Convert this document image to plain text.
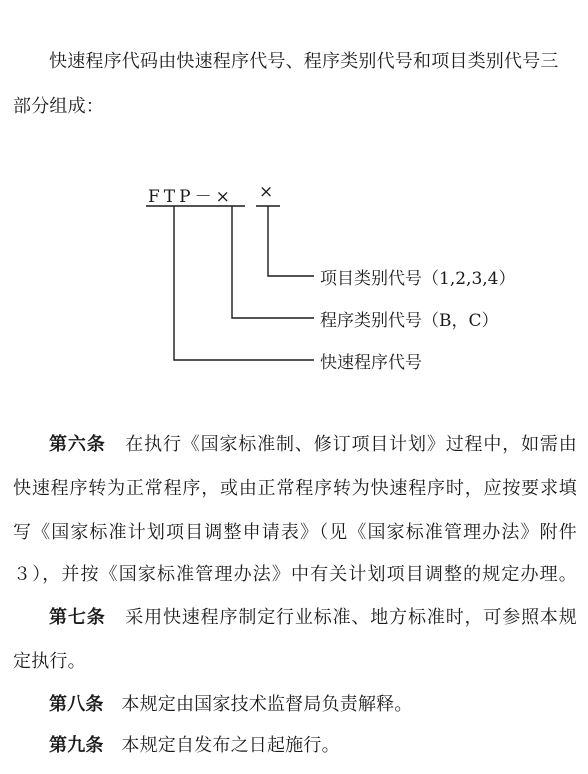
快速程序代码由快速程序代号、程序类别代号和项目类别代号三
部分组成：
FTP－× ×
项目类别代号（1,2,3,4）
程序类别代号（B，C）
快速程序代号
第六条 在执行《国家标准制、修订项目计划》过程中，如需由
快速程序转为正常程序，或由正常程序转为快速程序时，应按要求填
写《国家标准计划项目调整申请表》（见《国家标准管理办法》附件
３），并按《国家标准管理办法》中有关计划项目调整的规定办理。
第七条 采用快速程序制定行业标准、地方标准时，可参照本规
定执行。
第八条 本规定由国家技术监督局负责解释。
第九条 本规定自发布之日起施行。
